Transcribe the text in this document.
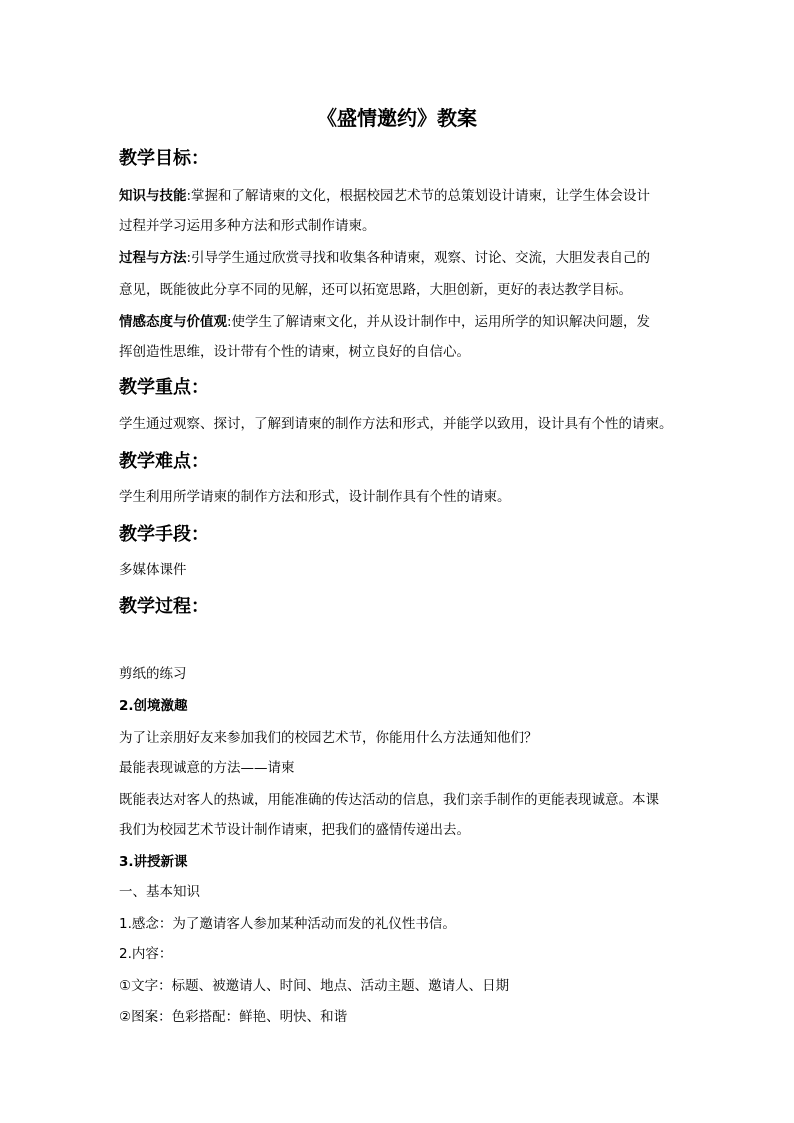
《盛情邀约》教案
教学目标：
知识与技能:掌握和了解请柬的文化，根据校园艺术节的总策划设计请柬，让学生体会设计
过程并学习运用多种方法和形式制作请柬。
过程与方法:引导学生通过欣赏寻找和收集各种请柬，观察、讨论、交流，大胆发表自己的
意见，既能彼此分享不同的见解，还可以拓宽思路，大胆创新，更好的表达教学目标。
情感态度与价值观:使学生了解请柬文化，并从设计制作中，运用所学的知识解决问题，发
挥创造性思维，设计带有个性的请柬，树立良好的自信心。
教学重点：
学生通过观察、探讨，了解到请柬的制作方法和形式，并能学以致用，设计具有个性的请柬。
教学难点：
学生利用所学请柬的制作方法和形式，设计制作具有个性的请柬。
教学手段：
多媒体课件
教学过程：
剪纸的练习
2.创境激趣
为了让亲朋好友来参加我们的校园艺术节，你能用什么方法通知他们？
最能表现诚意的方法——请柬
既能表达对客人的热诚，用能准确的传达活动的信息，我们亲手制作的更能表现诚意。本课
我们为校园艺术节设计制作请柬，把我们的盛情传递出去。
3.讲授新课
一、基本知识
1.感念：为了邀请客人参加某种活动而发的礼仪性书信。
2.内容：
①文字：标题、被邀请人、时间、地点、活动主题、邀请人、日期
②图案：色彩搭配：鲜艳、明快、和谐
